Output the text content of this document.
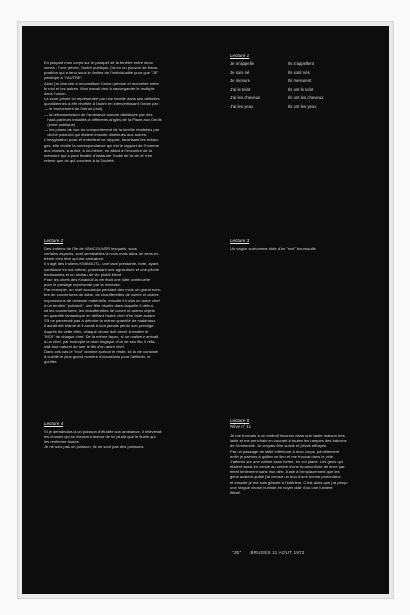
En plaçant mon corps sur le parapet de la fenêtre entre deux
zones : l'une privée, l'autre publique, j'ai eu un pouvoir de trans-
position qui a tenu sous le limites de l'individualité pour que "JE"
participe à "l'AUTRE".
Ainsi j'ai cherché à reconstituer l'union perdue et morcelée entre
le moi et les autres. Mon travail visé à sauvegarder le multiple
dans l'union.
La zone privée ici représentée par une famille dans ses attitudes
quotidiennes a été révélée à l'autre en intervertissant l'ordre par :
— le truchement de l'intrus (moi)
— la retransmission de l'ambiance sonore distribuée par des
haut-parleurs installés à différents angles de la Place aux Oeufs
(zone publique)
— les prises de vue du comportement de la famille réalisées par
cliché polaroïd qui étaient ensuite distribués aux autres.
L'imagination pose et entretient ce rapport, favorisant les échan-
ges, elle révèle la correspondance qui est le rapport de l'homme
aux choses, à autrui, à lui-même, en allant à l'encontre de la
mémoire qui a pour finalité d'instaurer l'oubli de la vie et n'en
retenir que ce qui convient à la Société.

Lecture 1
Je m'appelle	Ils s'appellent
Je suis né	Ils sont nés
Je mesure	Ils mesurent
J'ai le teint	Ils ont le teint
J'ai les cheveux	Ils ont les cheveux
J'ai les yeux	Ils ont les yeux
Lecture 2

Des Indiens de l'île de VANCOUVER lesquels, sous
certains aspects, sont semblables à nous mais dans un sens ex-
trême d'en être qu'une caricature.
Il s'agit des Indiens KWAKIUTL, une race prestante, forte, ayant
confiance en soi-même, possédant une agriculture et une pêche
florissantes et un niveau de vie plutôt élevé.
Pour les chefs des Kwakiutl la vie était une lutte continuelle
pour le prestige représenté par la richesse.
Par exemple, un chef accumula pendant des mois un grand nom-
bre de couvertures de laine, de chaufferettes de cuivre et autres
expressions de richesse matérielle, ensuite il invita un autre chef
à un terrible "potlatch", une fête rituelle dans laquelle il détrui-
sit les couvertures, les chaufferettes de cuivre et autres objets
en quantité fantastique en défiant l'autre chef d'en faire autant.
S'il ne parvenait pas à détruire la même quantité de matériaux
il aurait été blâmé et il aurait à tout jamais perdu son prestige.
Auprès de cette tribu, chaque chose doit servir à exalter le
"MOI" de chaque chef. De la même façon, si un malheur arrivait
à un chef, par exemple la mort tragique d'un de ses fils, il réta-
nait tout naturel de tuer le fils d'un autre chef.
Dans ces cas le "moi" domine surtout le reste, ici la vie consiste
à cueillir le plus grand nombre d'occasions pour l'afficher, le
gonfler.

Lecture 3

Un vague surhomme doté d'un "moi" boursouflé.

Lecture 4

Si je demandais à un poisson d'étudier son ambiance, il relèverait
les choses qui se meuvent autour de lui plutôt que le fluide qui
les renferme toutes.
Je ne suis pas un poisson, ils ne sont pas des poissons.

Lecture 5
Rêve n° 11

Je me trouvais à un endroit inconnu dans une vaste maison très
laide et me penchais en courant à toutes les rampes des balcons
de l'immeuble. Je croyais être suivie et j'étais effrayée.
Par un passage de taille inférieure à mon corps, péniblement
enfin je parvins à quitter ce lieu et me trouvai dans le vide.
J'atterris sur une colline sans herbe, en vol plané. Les gens qui
étaient assis en cercle au centre d'une boursouflure de terre par-
tirent lentement sans moi dire. Juste à l'emplacement que les
gens avaient quitté j'ai creusé un trou d'une bonne profondeur
et ensuite je me suis glissée à l'intérieur. C'est alors que j'ai perçu
une longue chose humide en noyer clair d'où une lumière
filtrait.

"JE" BRUGES 11 AOUT 1972
